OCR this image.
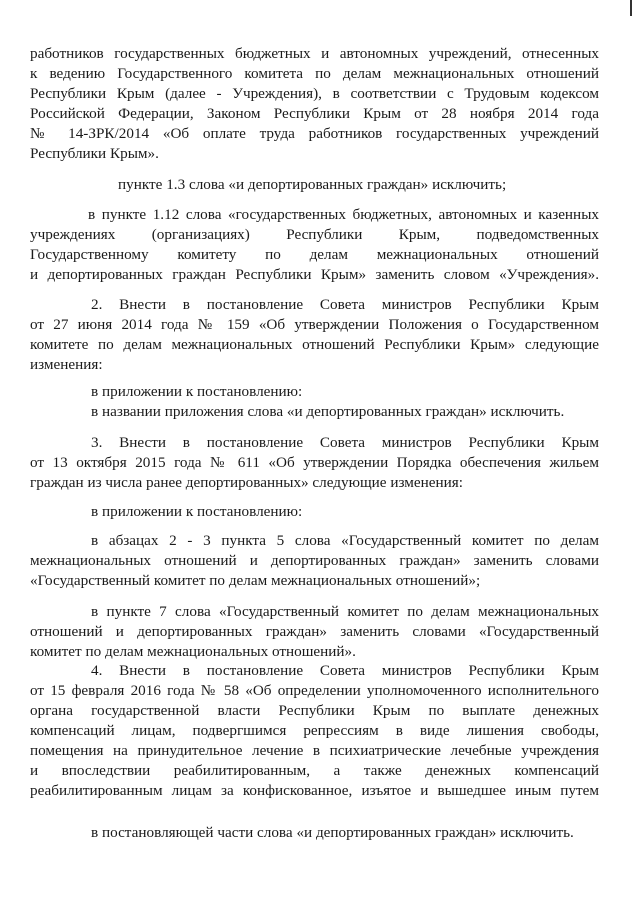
работников государственных бюджетных и автономных учреждений, отнесенных
к ведению Государственного комитета по делам межнациональных отношений
Республики Крым (далее - Учреждения), в соответствии с Трудовым кодексом
Российской Федерации, Законом Республики Крым от 28 ноября 2014 года
№ 14-ЗРК/2014 «Об оплате труда работников государственных учреждений
Республики Крым».
пункте 1.3 слова «и депортированных граждан» исключить;
в пункте 1.12 слова «государственных бюджетных, автономных и казенных
учреждениях (организациях) Республики Крым, подведомственных
Государственному комитету по делам межнациональных отношений
и депортированных граждан Республики Крым» заменить словом «Учреждения».
2. Внести в постановление Совета министров Республики Крым
от 27 июня 2014 года № 159 «Об утверждении Положения о Государственном
комитете по делам межнациональных отношений Республики Крым» следующие
изменения:
в приложении к постановлению:
в названии приложения слова «и депортированных граждан» исключить.
3. Внести в постановление Совета министров Республики Крым
от 13 октября 2015 года № 611 «Об утверждении Порядка обеспечения жильем
граждан из числа ранее депортированных» следующие изменения:
в приложении к постановлению:
в абзацах 2 - 3 пункта 5 слова «Государственный комитет по делам
межнациональных отношений и депортированных граждан» заменить словами
«Государственный комитет по делам межнациональных отношений»;
в пункте 7 слова «Государственный комитет по делам межнациональных
отношений и депортированных граждан» заменить словами «Государственный
комитет по делам межнациональных отношений».
4. Внести в постановление Совета министров Республики Крым
от 15 февраля 2016 года № 58 «Об определении уполномоченного исполнительного
органа государственной власти Республики Крым по выплате денежных
компенсаций лицам, подвергшимся репрессиям в виде лишения свободы,
помещения на принудительное лечение в психиатрические лечебные учреждения
и впоследствии реабилитированным, а также денежных компенсаций
реабилитированным лицам за конфискованное, изъятое и вышедшее иным путем
в постановляющей части слова «и депортированных граждан» исключить.
